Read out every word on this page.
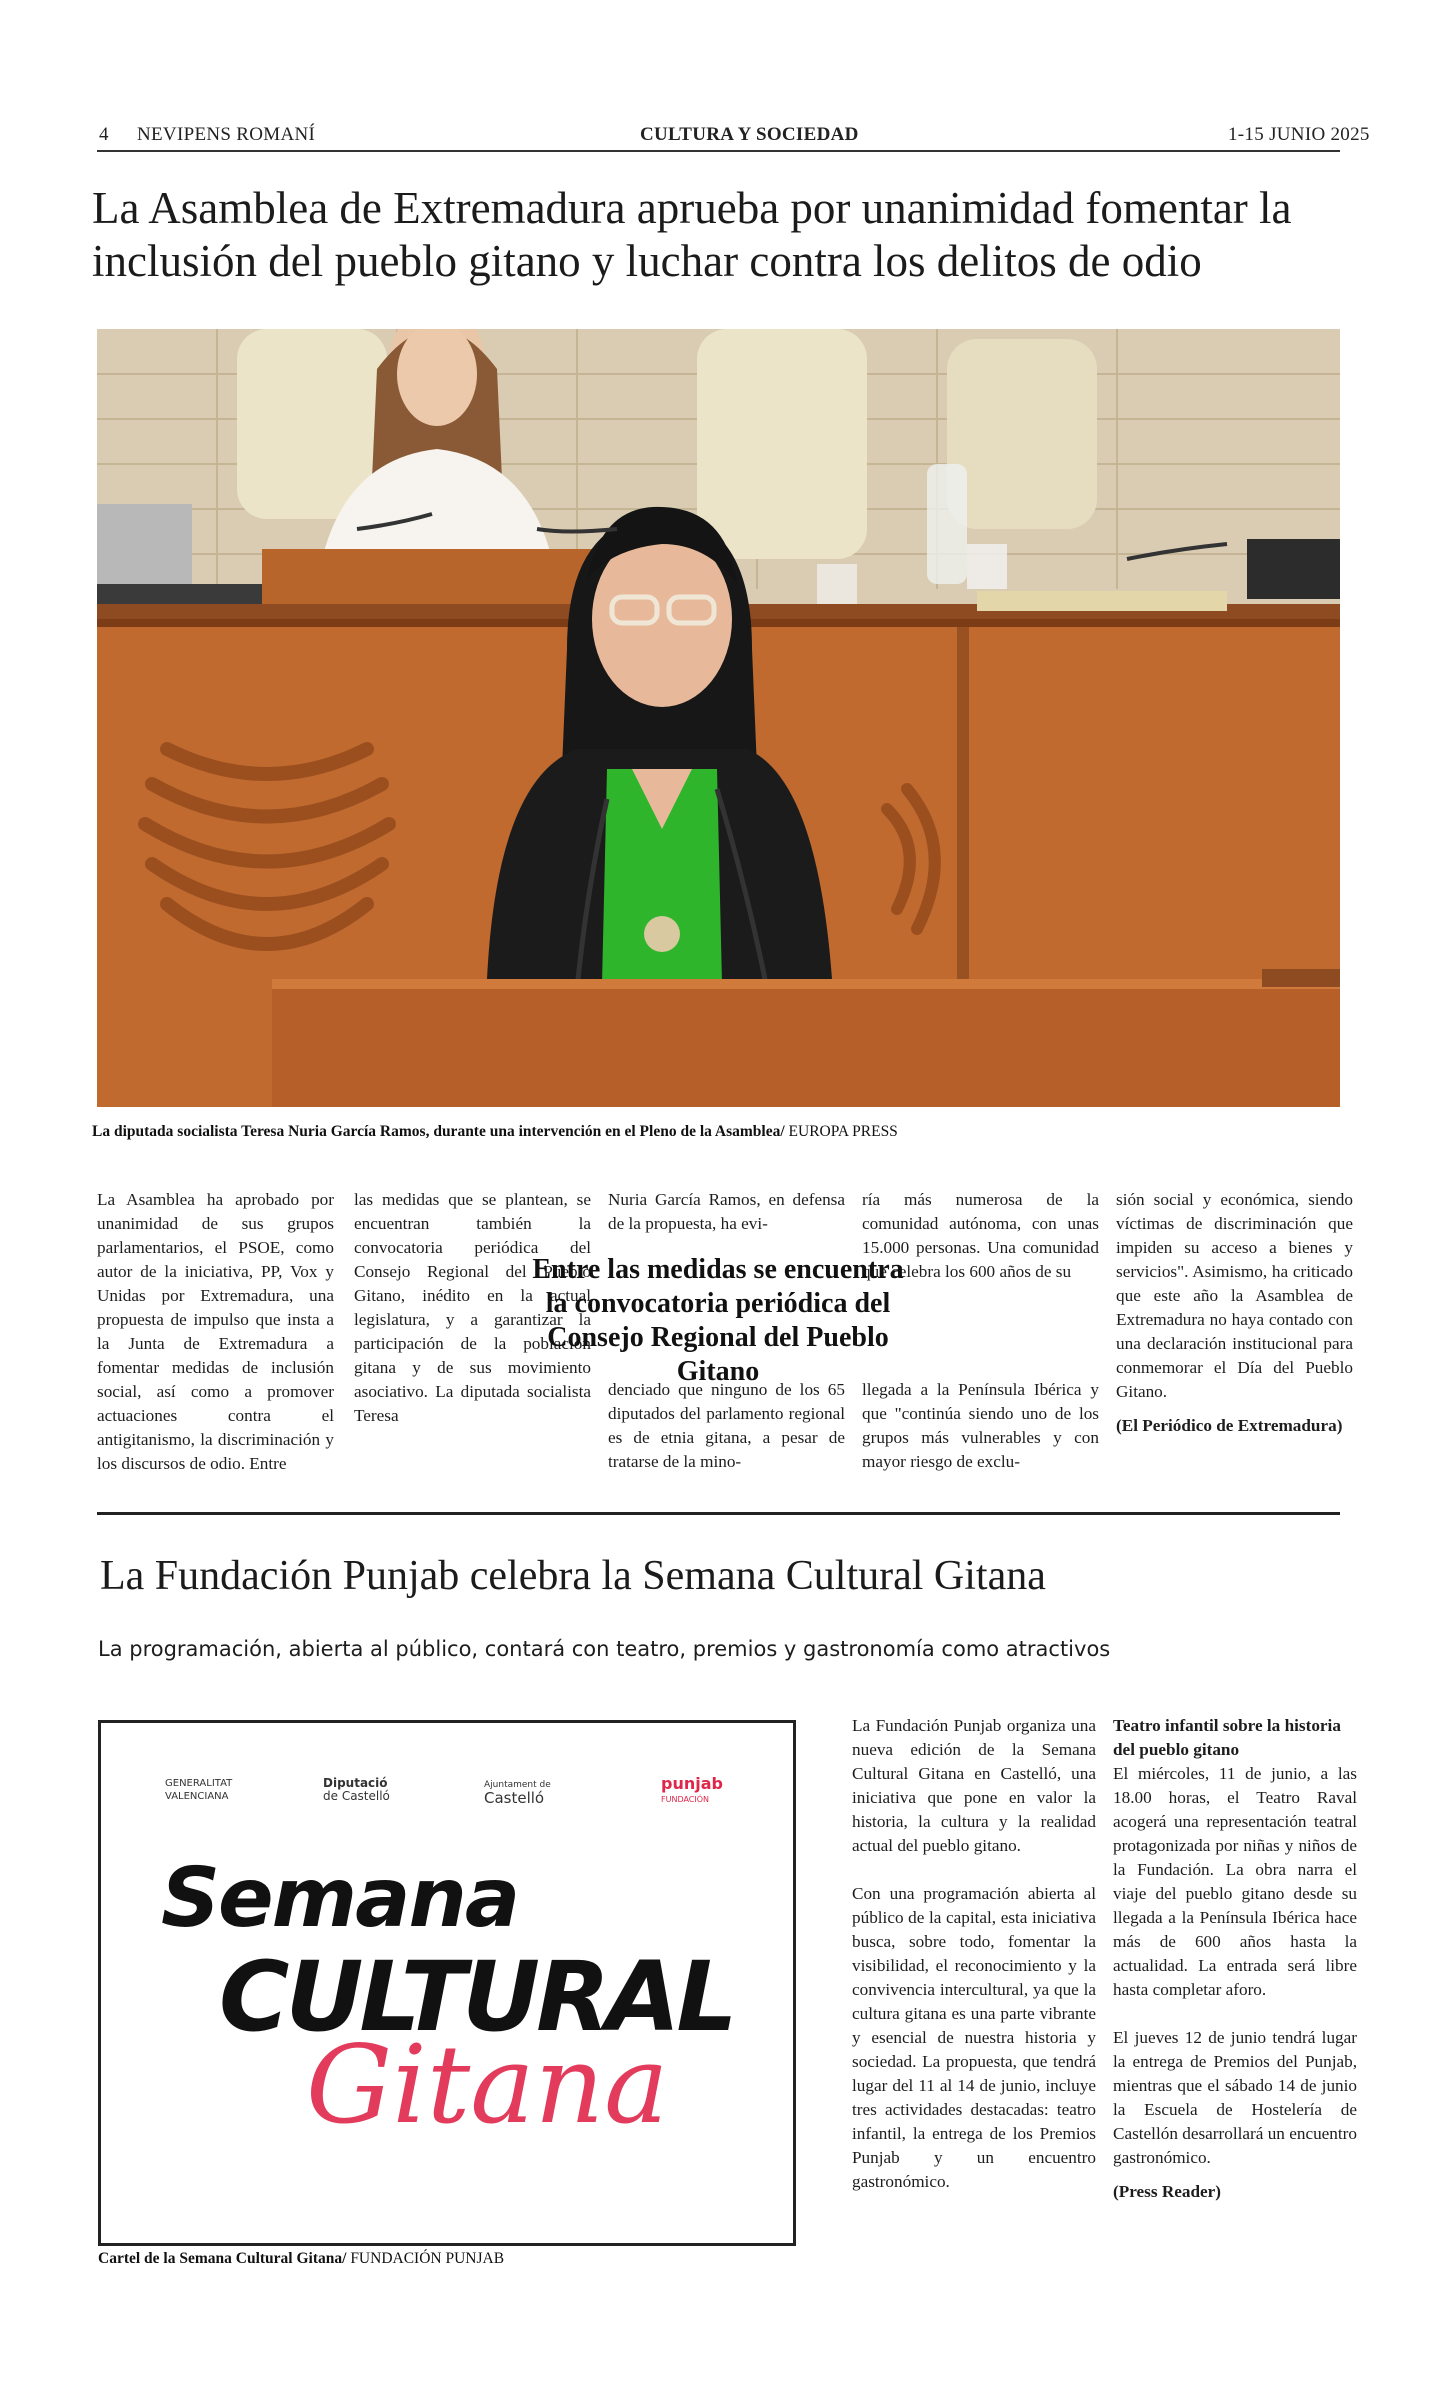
4 NEVIPENS ROMANÍ	CULTURA Y SOCIEDAD	1-15 JUNIO 2025
La Asamblea de Extremadura aprueba por unanimidad fomentar la
inclusión del pueblo gitano y luchar contra los delitos de odio
La diputada socialista Teresa Nuria García Ramos, durante una intervención en el Pleno de la Asamblea/ EUROPA PRESS

La Asamblea ha aprobado por unanimidad de sus grupos parlamentarios, el PSOE, como autor de la iniciativa, PP, Vox y Unidas por Extremadura, una propuesta de impulso que insta a la Junta de Extremadura a fomentar medidas de inclusión social, así como a promover actuaciones contra el antigitanismo, la discriminación y los discursos de odio. Entre

las medidas que se plantean, se encuentran también la convocatoria periódica del Consejo Regional del Pueblo Gitano, inédito en la actual legislatura, y a garantizar la participación de la población gitana y de sus movimiento asociativo. La diputada socialista Teresa

Nuria García Ramos, en defensa de la propuesta, ha evi-

denciado que ninguno de los 65 diputados del parlamento regional es de etnia gitana, a pesar de tratarse de la mino-

ría más numerosa de la comunidad autónoma, con unas 15.000 personas. Una comunidad que celebra los 600 años de su

llegada a la Península Ibérica y que "continúa siendo uno de los grupos más vulnerables y con mayor riesgo de exclu-

sión social y económica, siendo víctimas de discriminación que impiden su acceso a bienes y servicios". Asimismo, ha criticado que este año la Asamblea de Extremadura no haya contado con una declaración institucional para conmemorar el Día del Pueblo Gitano.

(El Periódico de Extremadura)

Entre las medidas se encuentra la convocatoria periódica del Consejo Regional del Pueblo Gitano
La Fundación Punjab celebra la Semana Cultural Gitana
La programación, abierta al público, contará con teatro, premios y gastronomía como atractivos
GENERALITAT VALENCIANA
Diputació
de Castelló
Ajuntament de
Castelló
punjab
FUNDACIÓN
Semana
CULTURAL
Gitana
Cartel de la Semana Cultural Gitana/ FUNDACIÓN PUNJAB

La Fundación Punjab organiza una nueva edición de la Semana Cultural Gitana en Castelló, una iniciativa que pone en valor la historia, la cultura y la realidad actual del pueblo gitano.

Con una programación abierta al público de la capital, esta iniciativa busca, sobre todo, fomentar la visibilidad, el reconocimiento y la convivencia intercultural, ya que la cultura gitana es una parte vibrante y esencial de nuestra historia y sociedad. La propuesta, que tendrá lugar del 11 al 14 de junio, incluye tres actividades destacadas: teatro infantil, la entrega de los Premios Punjab y un encuentro gastronómico.

Teatro infantil sobre la historia del pueblo gitano

El miércoles, 11 de junio, a las 18.00 horas, el Teatro Raval acogerá una representación teatral protagonizada por niñas y niños de la Fundación. La obra narra el viaje del pueblo gitano desde su llegada a la Península Ibérica hace más de 600 años hasta la actualidad. La entrada será libre hasta completar aforo.

El jueves 12 de junio tendrá lugar la entrega de Premios del Punjab, mientras que el sábado 14 de junio la Escuela de Hostelería de Castellón desarrollará un encuentro gastronómico.

(Press Reader)
